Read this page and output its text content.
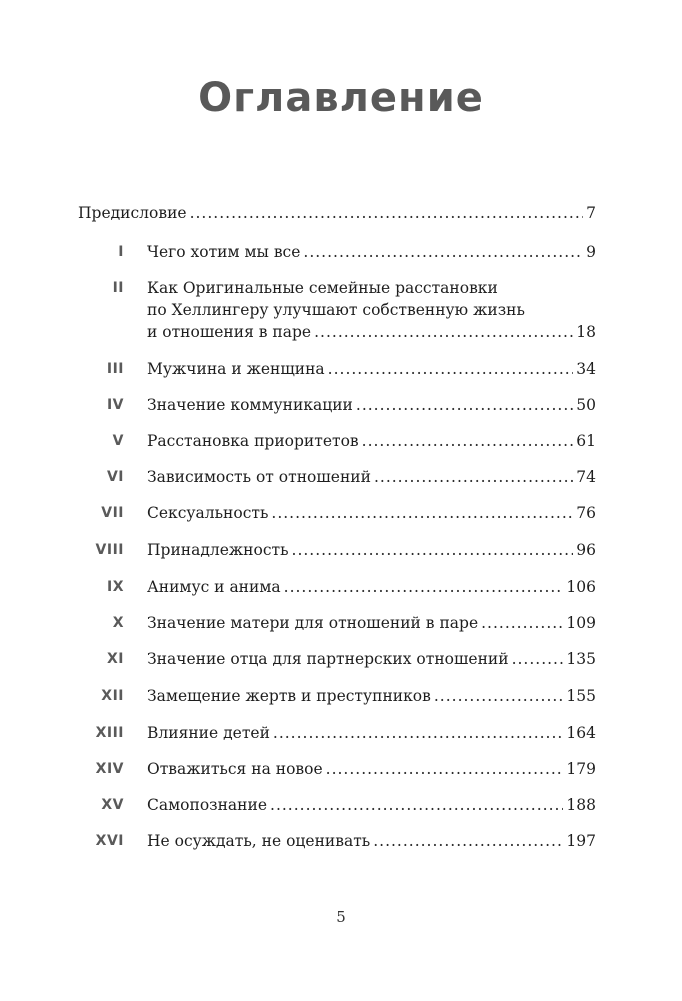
Оглавление
Предисловие .....	7
I Чего хотим мы все .....	9
II Как Оригинальные семейные расстановки
по Хеллингеру улучшают собственную жизнь
и отношения в паре .....	18
III Мужчина и женщина .....	34
IV Значение коммуникации .....	50
V Расстановка приоритетов .....	61
VI Зависимость от отношений .....	74
VII Сексуальность .....	76
VIII Принадлежность .....	96
IX Анимус и анима .....	106
X Значение матери для отношений в паре .....	109
XI Значение отца для партнерских отношений .....	135
XII Замещение жертв и преступников .....	155
XIII Влияние детей .....	164
XIV Отважиться на новое .....	179
XV Самопознание .....	188
XVI Не осуждать, не оценивать .....	197
5
